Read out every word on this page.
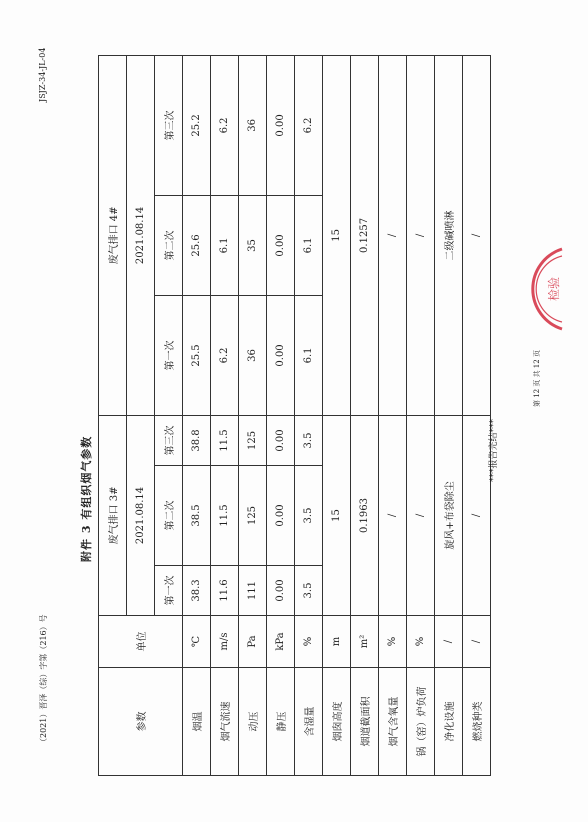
（2021）晋泽（综）字第（216）号
JSJZ-34-JL-04
附件 3 有组织烟气参数
参数	单位	废气排口 3#			废气排口 4#		
		2021.08.14			2021.08.14		
		第一次	第二次	第三次	第一次	第二次	第三次
烟温	℃	38.3	38.5	38.8	25.5	25.6	25.2
烟气流速	m/s	11.6	11.5	11.5	6.2	6.1	6.2
动压	Pa	111	125	125	36	35	36
静压	kPa	0.00	0.00	0.00	0.00	0.00	0.00
含湿量	%	3.5	3.5	3.5	6.1	6.1	6.2
烟囱高度	m	15			15		
烟道截面积	m²	0.1963			0.1257		
烟气含氧量	%	/			/		
锅（窑）炉负荷	%	/			/		
净化设施	/	旋风+布袋除尘			二级碱喷淋		
燃烧种类	/	/			/		
***报告完结***
第 12 页 共 12 页
检验
